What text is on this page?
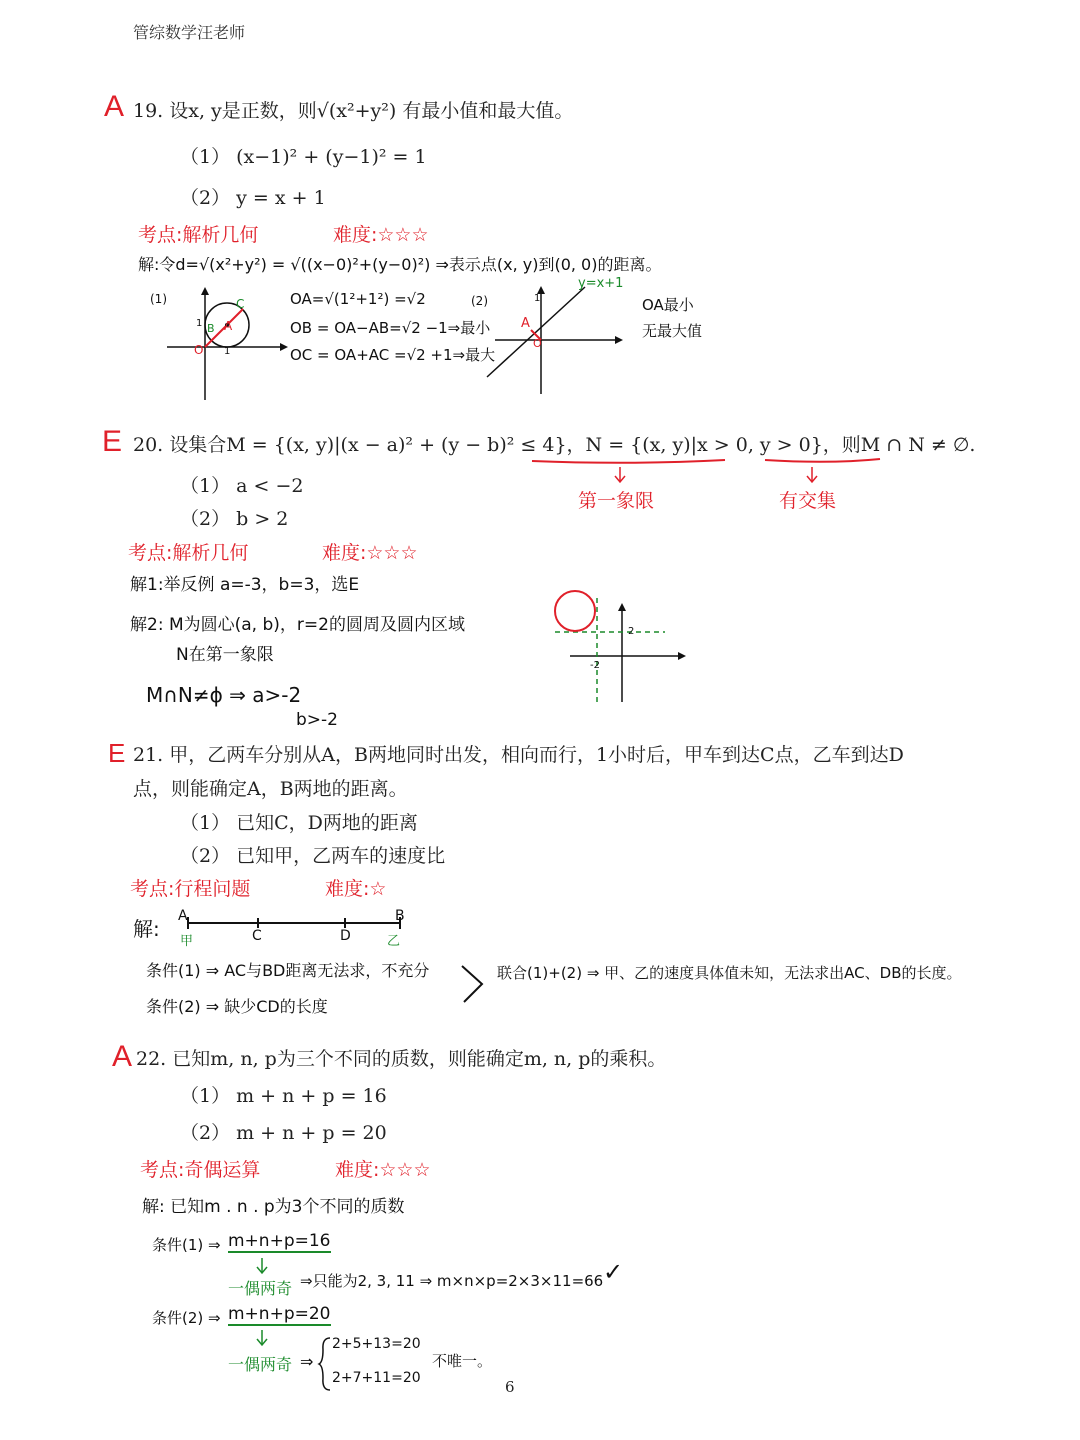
管综数学汪老师
A 19. 设x, y是正数，则√(x²+y²) 有最小值和最大值。
（1） (x−1)² + (y−1)² = 1
（2） y = x + 1
考点:解析几何	难度:☆☆☆
解:令d=√(x²+y²) = √((x−0)²+(y−0)²) ⇒表示点(x, y)到(0, 0)的距离。
(1)	C
B A
O 1
1
OA=√(1²+1²) =√2
OB = OA−AB=√2 −1⇒最小
OC = OA+AC =√2 +1⇒最大
(2)	1
A
O
y=x+1
OA最小
无最大值
E 20. 设集合M = {(x, y)|(x − a)² + (y − b)² ≤ 4}，N = {(x, y)|x > 0, y > 0}，则M ∩ N ≠ ∅.
第一象限	有交集
（1） a < −2
（2） b > 2
考点:解析几何	难度:☆☆☆
解1:举反例 a=-3，b=3，选E
解2: M为圆心(a, b)，r=2的圆周及圆内区域
N在第一象限
M∩N≠ϕ ⇒ a>-2
b>-2
2
-2
E 21. 甲，乙两车分别从A，B两地同时出发，相向而行，1小时后，甲车到达C点，乙车到达D
点，则能确定A，B两地的距离。
（1） 已知C，D两地的距离
（2） 已知甲，乙两车的速度比
考点:行程问题	难度:☆
解:
A	B
C	D
甲	乙
条件(1) ⇒ AC与BD距离无法求，不充分
条件(2) ⇒ 缺少CD的长度
联合(1)+(2) ⇒ 甲、乙的速度具体值未知，无法求出AC、DB的长度。
A 22. 已知m, n, p为三个不同的质数，则能确定m, n, p的乘积。
（1） m + n + p = 16
（2） m + n + p = 20
考点:奇偶运算	难度:☆☆☆
解: 已知m . n . p为3个不同的质数
条件(1) ⇒ m+n+p=16
一偶两奇 ⇒只能为2, 3, 11 ⇒ m×n×p=2×3×11=66 ✓
条件(2) ⇒ m+n+p=20
一偶两奇 ⇒
2+5+13=20
2+7+11=20
不唯一。
6
